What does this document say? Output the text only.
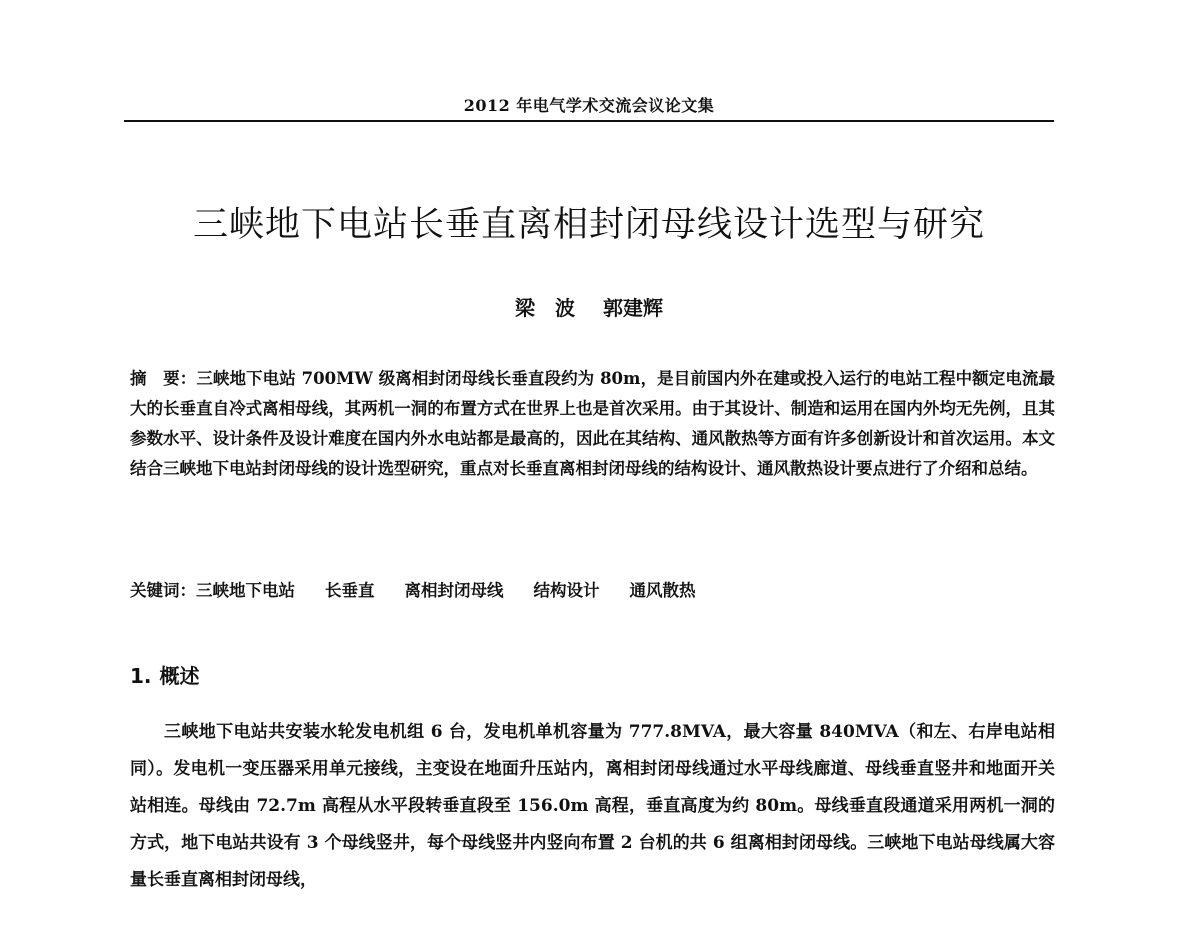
2012 年电气学术交流会议论文集
三峡地下电站长垂直离相封闭母线设计选型与研究
梁　波 郭建辉
摘　要：三峡地下电站 700MW 级离相封闭母线长垂直段约为 80m，是目前国内外在建或投入运行的电站工程中额定电流最大的长垂直自冷式离相母线，其两机一洞的布置方式在世界上也是首次采用。由于其设计、制造和运用在国内外均无先例，且其参数水平、设计条件及设计难度在国内外水电站都是最高的，因此在其结构、通风散热等方面有许多创新设计和首次运用。本文结合三峡地下电站封闭母线的设计选型研究，重点对长垂直离相封闭母线的结构设计、通风散热设计要点进行了介绍和总结。
关键词：三峡地下电站 长垂直 离相封闭母线 结构设计 通风散热
1. 概述

三峡地下电站共安装水轮发电机组 6 台，发电机单机容量为 777.8MVA，最大容量 840MVA（和左、右岸电站相同）。发电机一变压器采用单元接线，主变设在地面升压站内，离相封闭母线通过水平母线廊道、母线垂直竖井和地面开关站相连。母线由 72.7m 高程从水平段转垂直段至 156.0m 高程，垂直高度为约 80m。母线垂直段通道采用两机一洞的方式，地下电站共设有 3 个母线竖井，每个母线竖井内竖向布置 2 台机的共 6 组离相封闭母线。三峡地下电站母线属大容量长垂直离相封闭母线，
